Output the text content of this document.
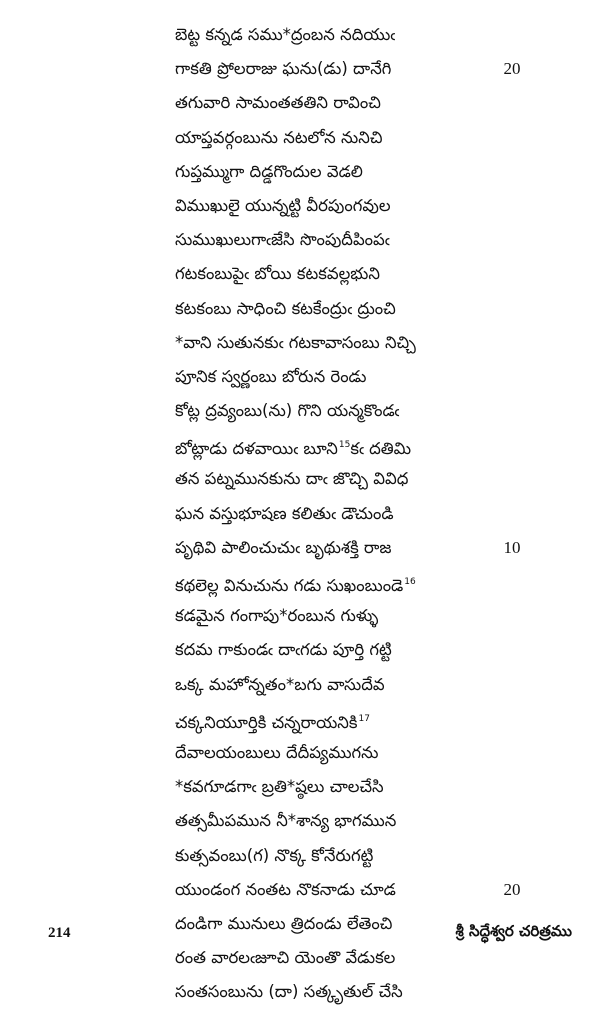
బెట్ట కన్నడ సము*ద్రంబన నదియుఁ
గాకతి ప్రోలరాజు ఘను(డు) దానేగి
తగువారి సామంతతతిని రావించి
యాప్తవర్గంబును నటలోన నునిచి
గుప్తమ్ముగా దిడ్డగొందుల వెడలి
విముఖులై యున్నట్టి వీరపుంగవుల
సుముఖులుగాఁజేసి సొంపుదీపింపఁ
గటకంబుపైఁ బోయి కటకవల్లభుని
కటకంబు సాధించి కటకేంద్రుఁ ద్రుంచి
*వాని సుతునకుఁ గటకావాసంబు నిచ్చి
పూనిక స్వర్ణంబు బోరున రెండు
కోట్ల ద్రవ్యంబు(ను) గొని యన్మకొండఁ
బోట్లాడు దళవాయిఁ బూని$^{15}$కఁ దతిమి
తన పట్నమునకును దాఁ జొచ్చి వివిధ
ఘన వస్తుభూషణ కలితుఁ డౌచుండి
పృథివి పాలించుచుఁ బృథుశక్తి రాజ
కథలెల్ల వినుచును గడు సుఖంబుండె$^{16}$
కడమైన గంగాపు*రంబున గుళ్ళు
కదమ గాకుండఁ దాఁగడు పూర్తి గట్టి
ఒక్క మహోన్నతం*బగు వాసుదేవ
చక్కనియూర్తికి చన్నరాయనికి$^{17}$
దేవాలయంబులు దేదీప్యముగను
*కవగూడగాఁ బ్రతి*ష్ఠలు చాలచేసి
తత్సమీపమున నీ*శాన్య భాగమున
కుత్సవంబు(గ) నొక్క కోనేరుగట్టి
యుండంగ నంతట నొకనాడు చూడ
దండిగా మునులు త్రిదండు లేతెంచి
రంత వారలఁజూచి యెంతొ వేడుకల
సంతసంబును (దా) సత్కృతుల్ చేసి
20
10
20
214	శ్రీ సిద్ధేశ్వర చరిత్రము
